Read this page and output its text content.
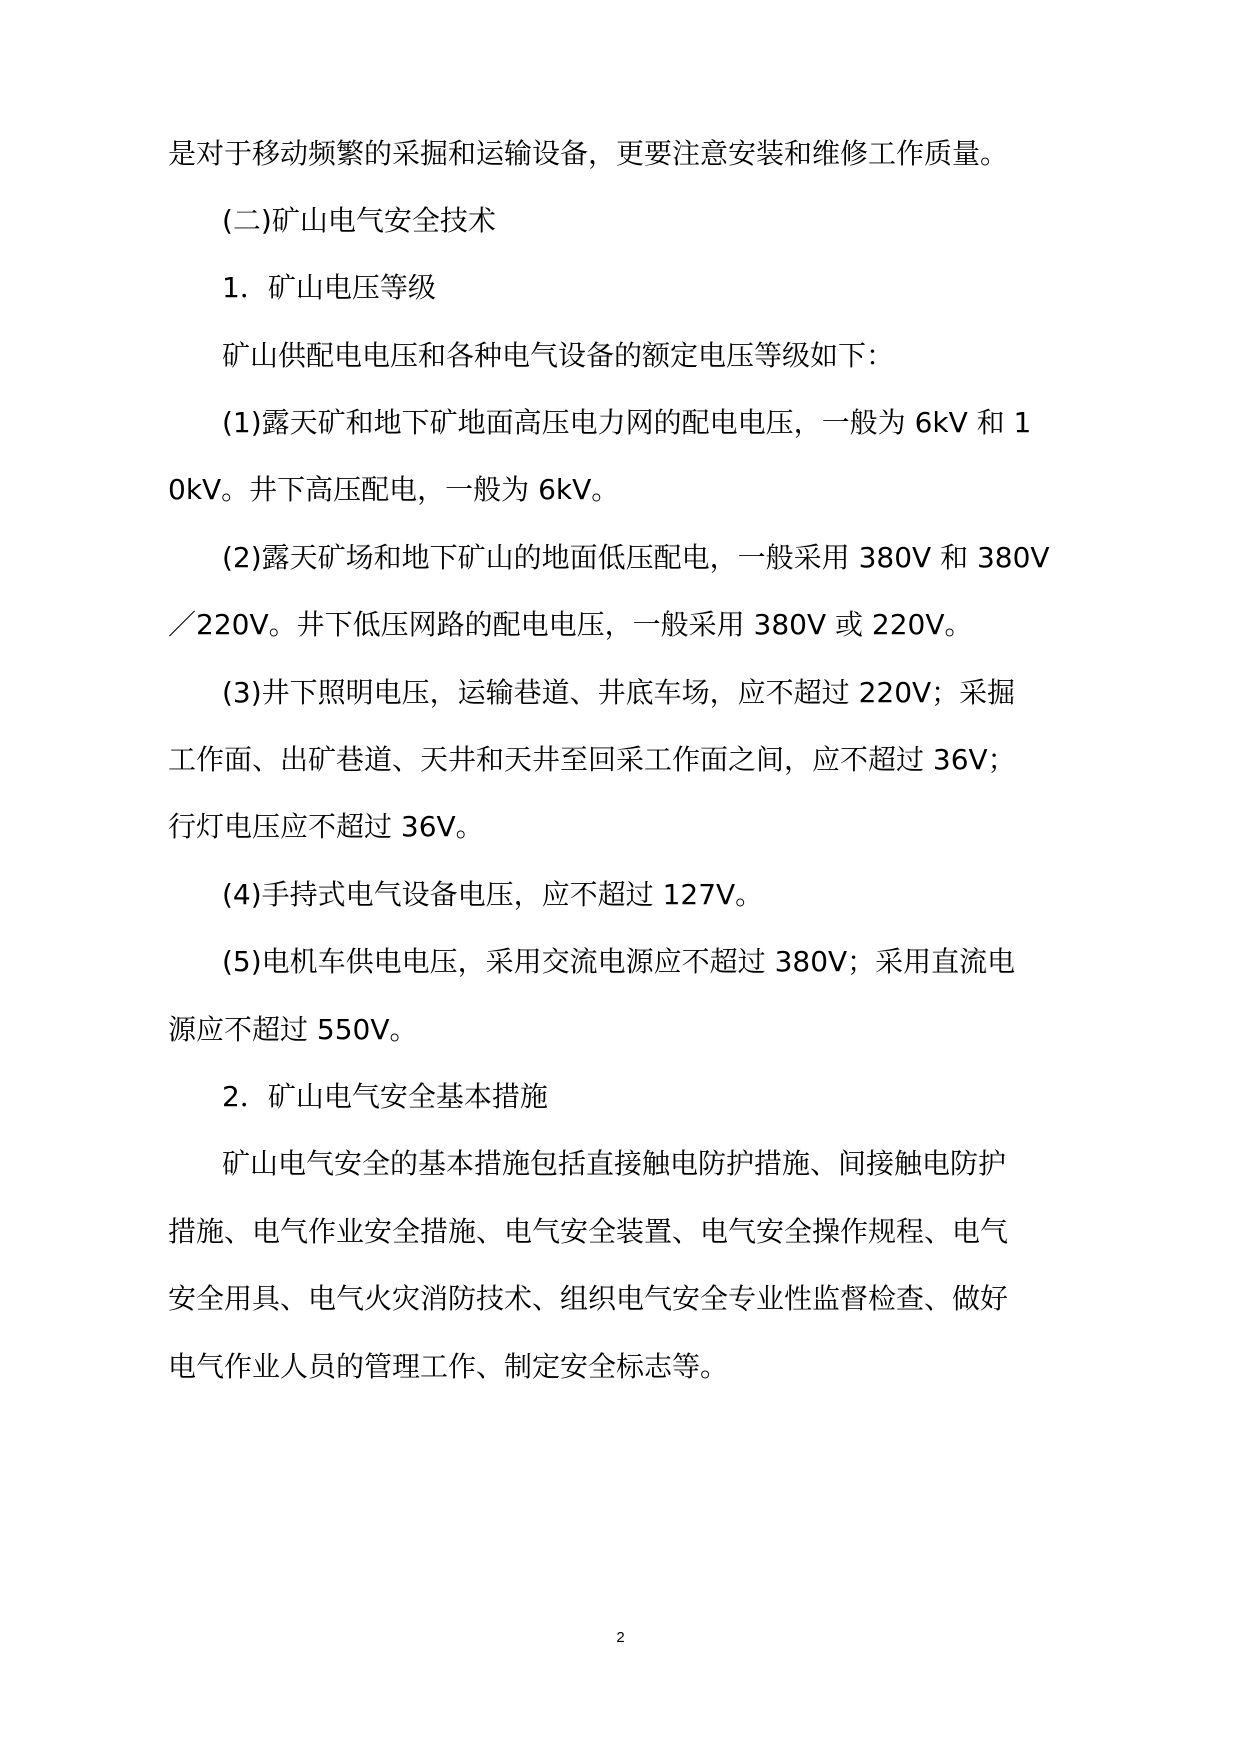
是对于移动频繁的采掘和运输设备，更要注意安装和维修工作质量。
(二)矿山电气安全技术
1．矿山电压等级
矿山供配电电压和各种电气设备的额定电压等级如下：
(1)露天矿和地下矿地面高压电力网的配电电压，一般为 6kV 和 1
0kV。井下高压配电，一般为 6kV。
(2)露天矿场和地下矿山的地面低压配电，一般采用 380V 和 380V
／220V。井下低压网路的配电电压，一般采用 380V 或 220V。
(3)井下照明电压，运输巷道、井底车场，应不超过 220V；采掘
工作面、出矿巷道、天井和天井至回采工作面之间，应不超过 36V；
行灯电压应不超过 36V。
(4)手持式电气设备电压，应不超过 127V。
(5)电机车供电电压，采用交流电源应不超过 380V；采用直流电
源应不超过 550V。
2．矿山电气安全基本措施
矿山电气安全的基本措施包括直接触电防护措施、间接触电防护
措施、电气作业安全措施、电气安全装置、电气安全操作规程、电气
安全用具、电气火灾消防技术、组织电气安全专业性监督检查、做好
电气作业人员的管理工作、制定安全标志等。
2
